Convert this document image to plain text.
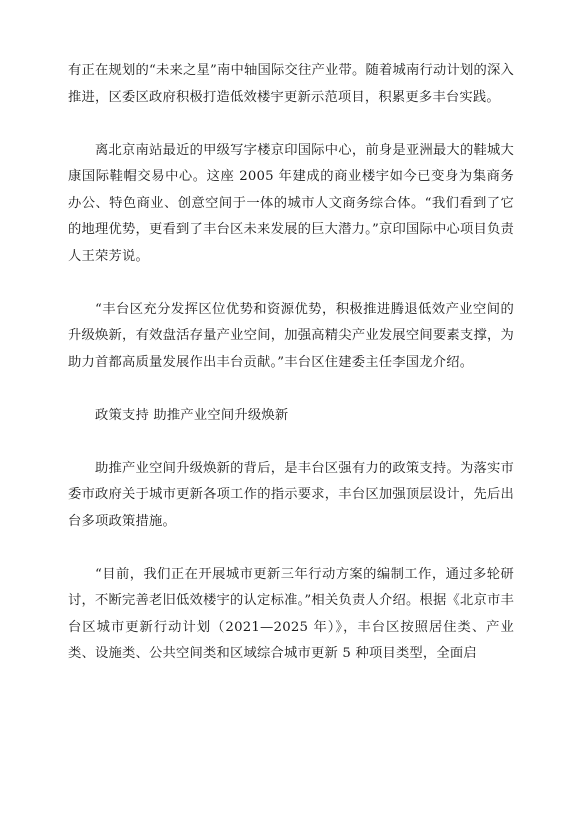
有正在规划的“未来之星”南中轴国际交往产业带。随着城南行动计划的深入推进，区委区政府积极打造低效楼宇更新示范项目，积累更多丰台实践。

离北京南站最近的甲级写字楼京印国际中心，前身是亚洲最大的鞋城大康国际鞋帽交易中心。这座 2005 年建成的商业楼宇如今已变身为集商务办公、特色商业、创意空间于一体的城市人文商务综合体。“我们看到了它的地理优势，更看到了丰台区未来发展的巨大潜力。”京印国际中心项目负责人王荣芳说。

“丰台区充分发挥区位优势和资源优势，积极推进腾退低效产业空间的升级焕新，有效盘活存量产业空间，加强高精尖产业发展空间要素支撑，为助力首都高质量发展作出丰台贡献。”丰台区住建委主任李国龙介绍。

政策支持 助推产业空间升级焕新

助推产业空间升级焕新的背后，是丰台区强有力的政策支持。为落实市委市政府关于城市更新各项工作的指示要求，丰台区加强顶层设计，先后出台多项政策措施。

“目前，我们正在开展城市更新三年行动方案的编制工作，通过多轮研讨，不断完善老旧低效楼宇的认定标准。”相关负责人介绍。根据《北京市丰台区城市更新行动计划（2021—2025 年）》，丰台区按照居住类、产业类、设施类、公共空间类和区域综合城市更新 5 种项目类型，全面启
